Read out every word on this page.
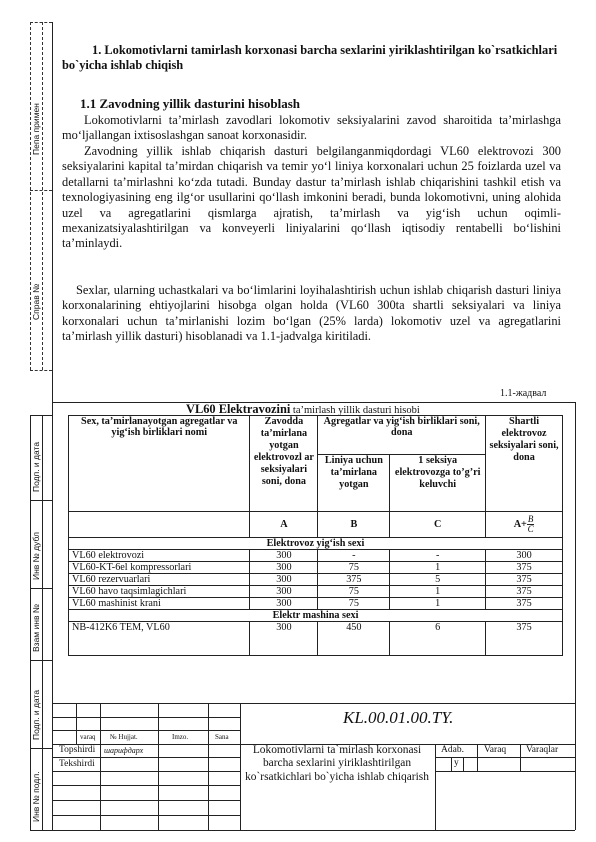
Пепа примен
Справ №
Подп. и дата
Инв № дубл
Взам инв №
Подп. и дата
Инв № подл.
1. Lokomotivlarni tamirlash korxonasi barcha sexlarini yiriklashtirilgan ko`rsatkichlari bo`yicha ishlab chiqish
1.1 Zavodning yillik dasturini hisoblash
Lokomotivlarni ta’mirlash zavodlari lokomotiv seksiyalarini zavod sharoitida ta’mirlashga mo‘ljallangan ixtisoslashgan sanoat korxonasidir.
Zavodning yillik ishlab chiqarish dasturi belgilanganmiqdordagi VL60 elektrovozi 300 seksiyalarini kapital ta’mirdan chiqarish va temir yo‘l liniya korxonalari uchun 25 foizlarda uzel va detallarni ta’mirlashni ko‘zda tutadi. Bunday dastur ta’mirlash ishlab chiqarishini tashkil etish va texnologiyasining eng ilg‘or usullarini qo‘llash imkonini beradi, bunda lokomotivni, uning alohida uzel va agregatlarini qismlarga ajratish, ta’mirlash va yig‘ish uchun oqimli-mexanizatsiyalashtirilgan va konveyerli liniyalarini qo‘llash iqtisodiy rentabelli bo‘lishini ta’minlaydi.
Sexlar, ularning uchastkalari va bo‘limlarini loyihalashtirish uchun ishlab chiqarish dasturi liniya korxonalarining ehtiyojlarini hisobga olgan holda (VL60 300ta shartli seksiyalari va liniya korxonalari uchun ta’mirlanishi lozim bo‘lgan (25% larda) lokomotiv uzel va agregatlarini ta’mirlash yillik dasturi) hisoblanadi va 1.1-jadvalga kiritiladi.
1.1-жадвал
VL60 Elektravozini ta’mirlash yillik dasturi hisobi
Sex, ta’mirlanayotgan agregatlar va yig‘ish birliklari nomi	Zavodda ta’mirlana yotgan elektrovozl ar seksiyalari soni, dona	Agregatlar va yig‘ish birliklari soni, dona		Shartli elektrovoz seksiyalari soni, dona
		Liniya uchun ta’mirlana yotgan	1 seksiya elektrovozga to’g’ri keluvchi	
	A	B	C	$A+ \frac{B}{C}$

Elektrovoz yig‘ish sexi				
VL60 elektrovozi	300	-	-	300
VL60-KT-6el kompressorlari	300	75	1	375
VL60 rezervuarlari	300	375	5	375
VL60 havo taqsimlagichlari	300	75	1	375
VL60 mashinist krani	300	75	1	375
Elektr mashina sexi				
NB-412K6 TEM, VL60	300	450	6	375
KL.00.01.00.TY.
varaq № Hujjat.	Imzo.	Sana
Topshirdi шарифдарх
Tekshirdi
Lokomotivlarni ta`mirlash korxonasi barcha sexlarini yiriklashtirilgan ko`rsatkichlari bo`yicha ishlab chiqarish
Adab. Varaq Varaqlar
y
